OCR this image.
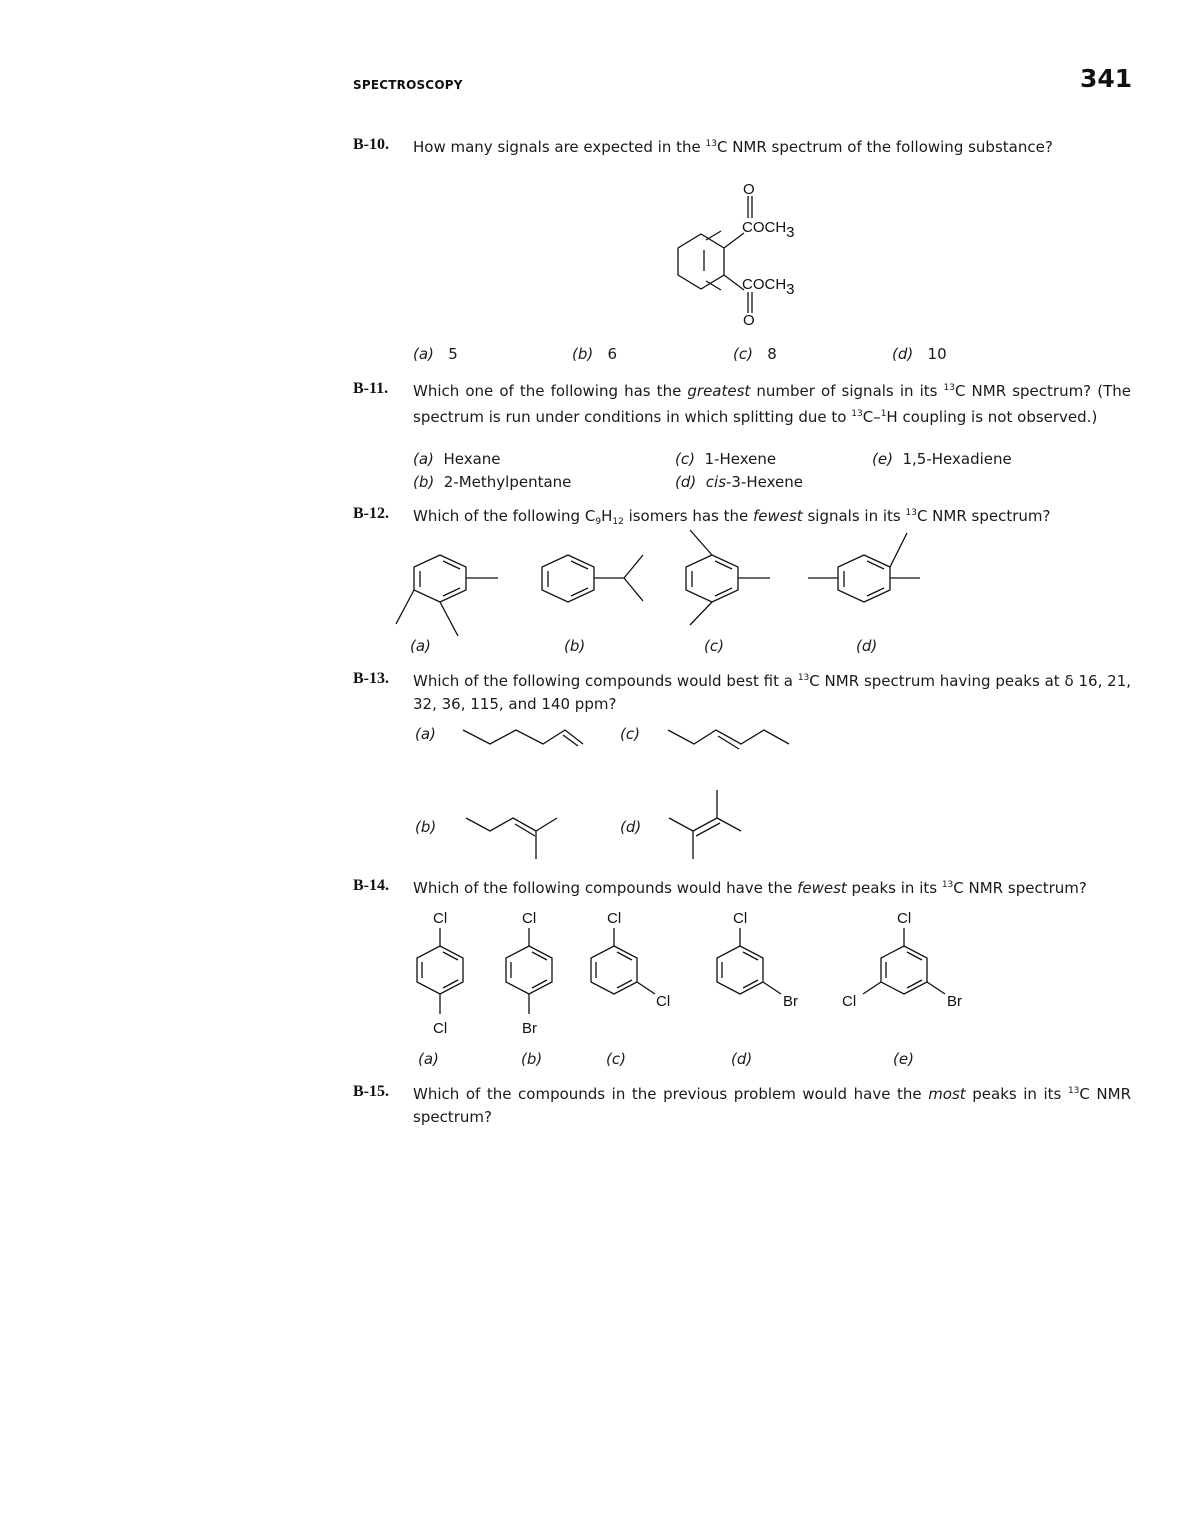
SPECTROSCOPY	341
B-10. How many signals are expected in the $^{13}$C NMR spectrum of the following substance?
O
O
COCH3
COCH3
(a) 5	(b) 6	(c) 8	(d) 10
B-11. Which one of the following has the greatest number of signals in its $^{13}$C NMR spectrum? (The spectrum is run under conditions in which splitting due to $^{13}$C–$^1$H coupling is not observed.)
(a) Hexane
(b) 2-Methylpentane
(c) 1-Hexene
(d) cis-3-Hexene
(e) 1,5-Hexadiene
B-12. Which of the following $C_9H_{12}$ isomers has the fewest signals in its $^{13}$C NMR spectrum?
(a)	(b)	(c)	(d)
B-13. Which of the following compounds would best fit a $^{13}$C NMR spectrum having peaks at δ 16, 21, 32, 36, 115, and 140 ppm?
(a)	(c)
(b)	(d)
B-14. Which of the following compounds would have the fewest peaks in its $^{13}$C NMR spectrum?
Cl
Cl
Cl
Br
Cl
Cl
Cl
Br
Cl
Br
Cl
(a)	(b)	(c)	(d)	(e)
B-15. Which of the compounds in the previous problem would have the most peaks in its $^{13}$C NMR spectrum?
